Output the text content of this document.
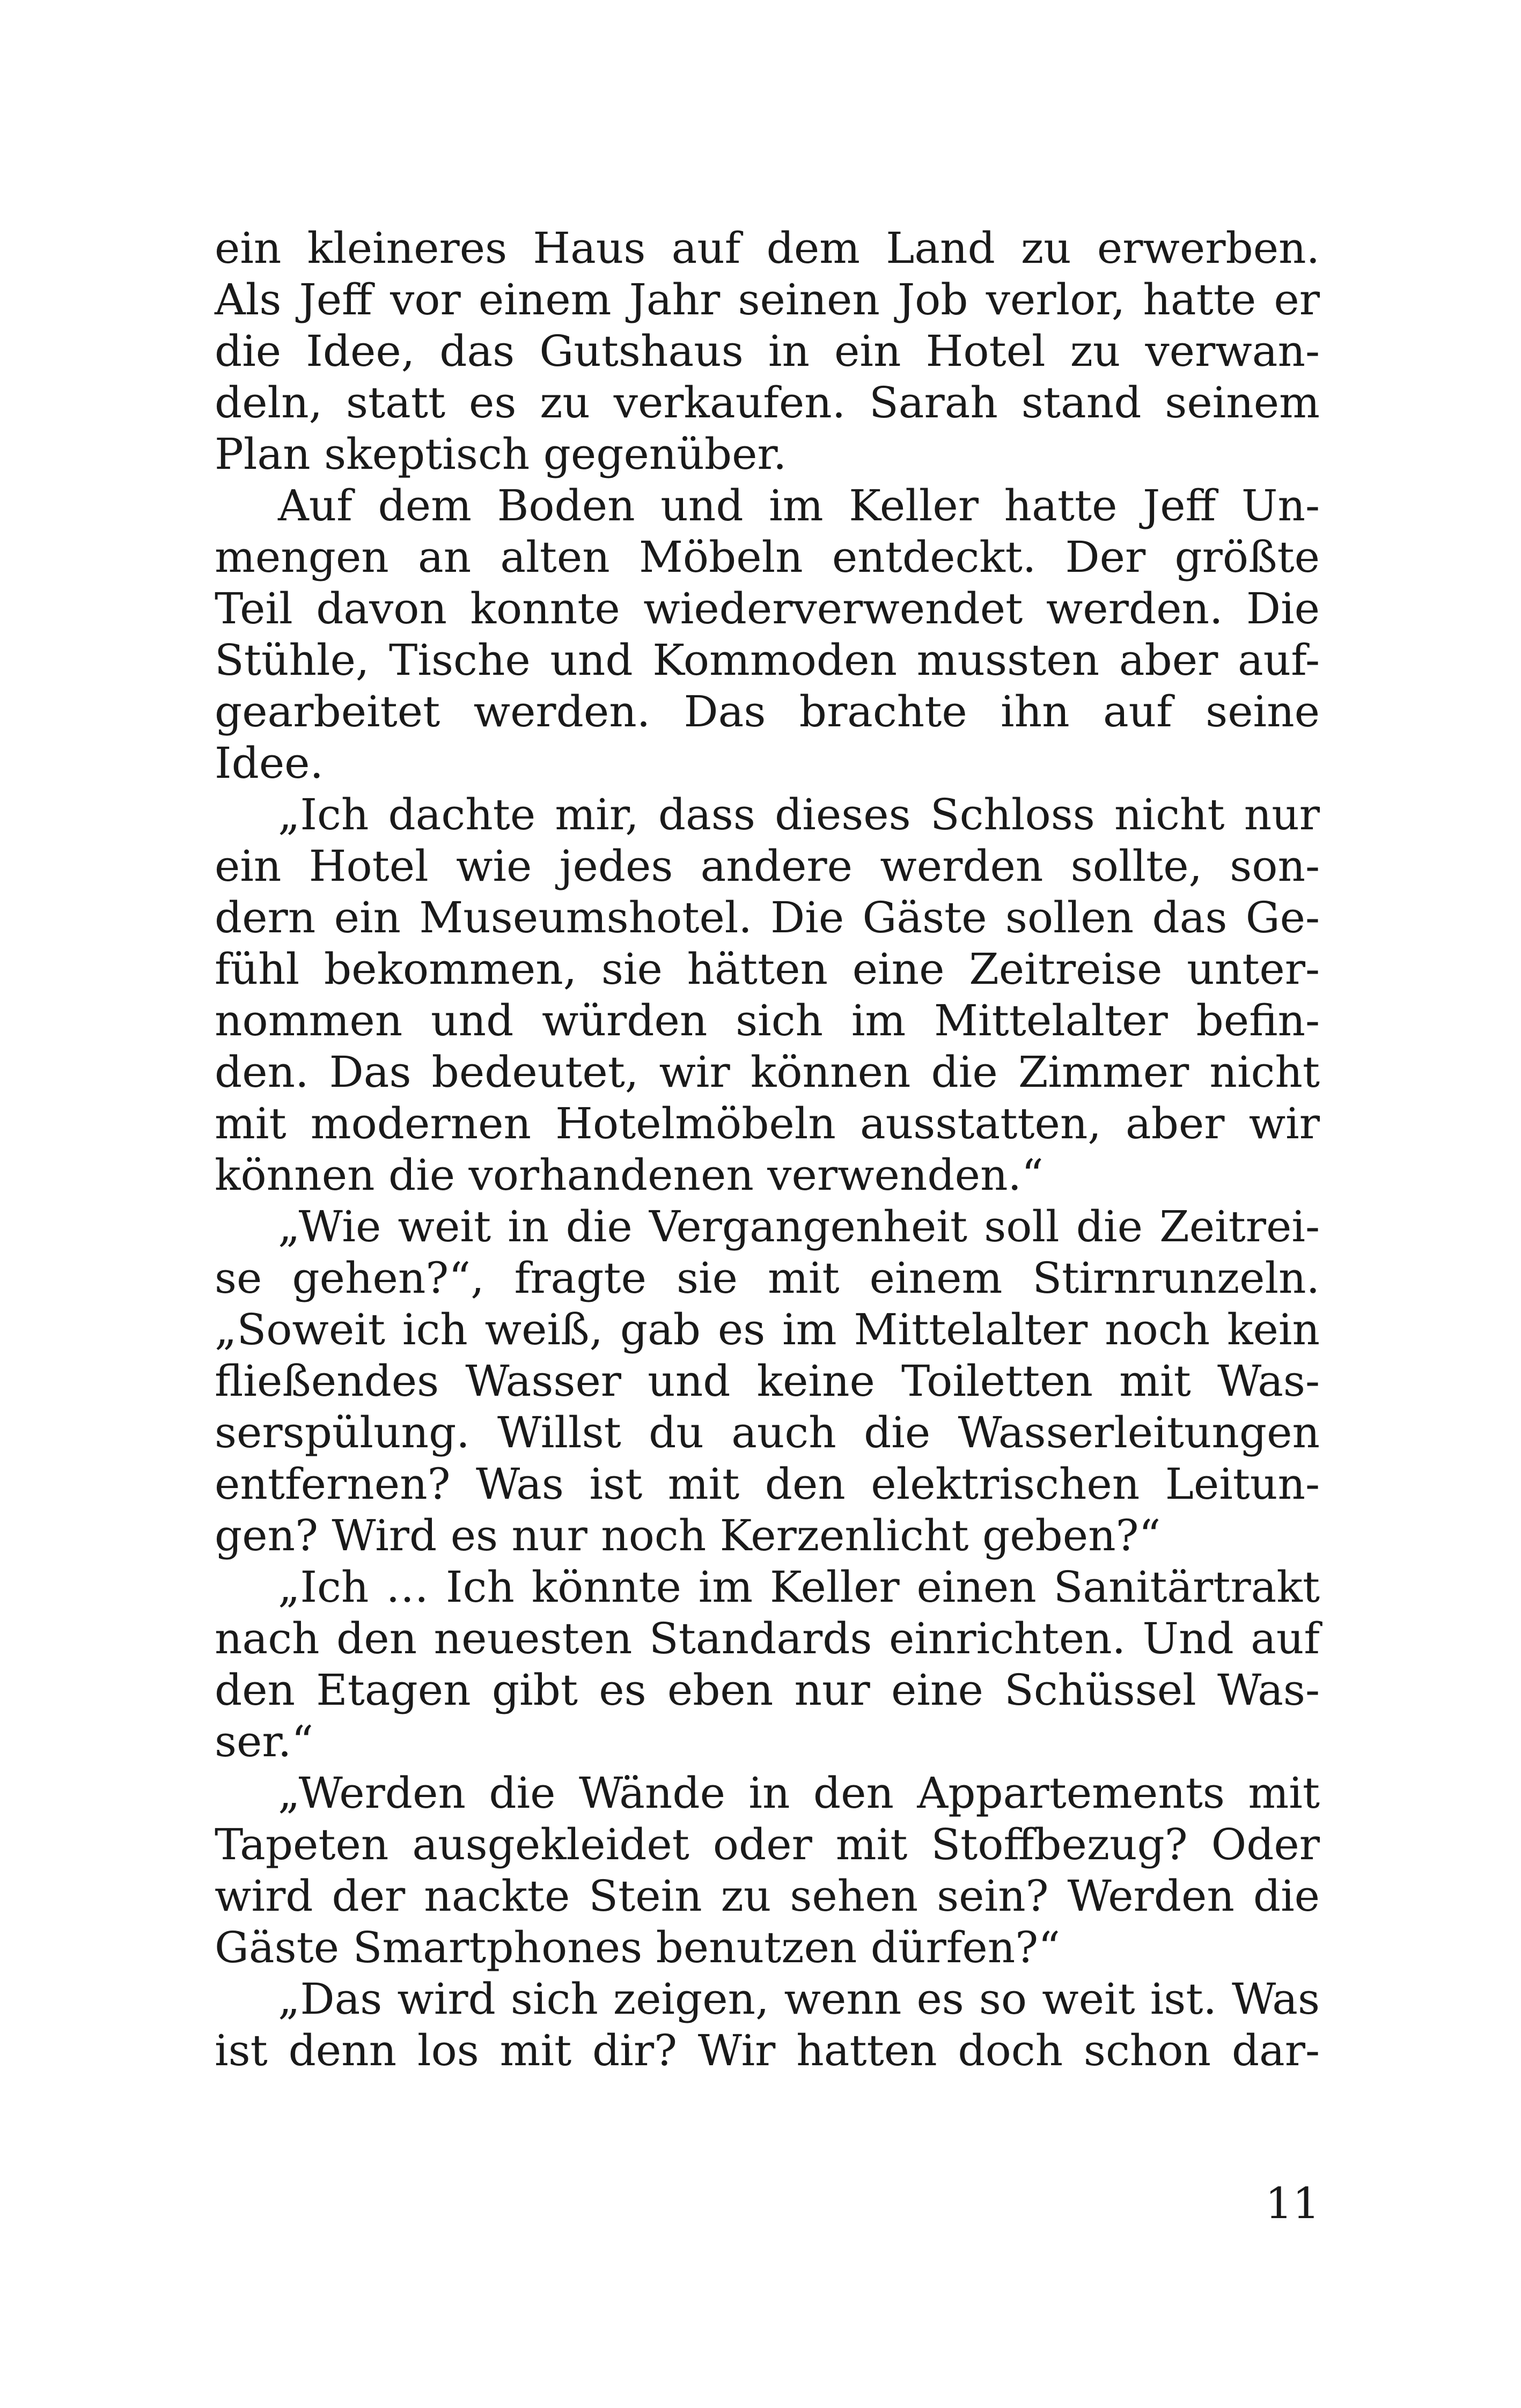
ein kleineres Haus auf dem Land zu erwerben.
Als Jeff vor einem Jahr seinen Job verlor, hatte er
die Idee, das Gutshaus in ein Hotel zu verwan-
deln, statt es zu verkaufen. Sarah stand seinem
Plan skeptisch gegenüber.
Auf dem Boden und im Keller hatte Jeff Un-
mengen an alten Möbeln entdeckt. Der größte
Teil davon konnte wiederverwendet werden. Die
Stühle, Tische und Kommoden mussten aber auf-
gearbeitet werden. Das brachte ihn auf seine
Idee.
„Ich dachte mir, dass dieses Schloss nicht nur
ein Hotel wie jedes andere werden sollte, son-
dern ein Museumshotel. Die Gäste sollen das Ge-
fühl bekommen, sie hätten eine Zeitreise unter-
nommen und würden sich im Mittelalter befin-
den. Das bedeutet, wir können die Zimmer nicht
mit modernen Hotelmöbeln ausstatten, aber wir
können die vorhandenen verwenden.“
„Wie weit in die Vergangenheit soll die Zeitrei-
se gehen?“, fragte sie mit einem Stirnrunzeln.
„Soweit ich weiß, gab es im Mittelalter noch kein
fließendes Wasser und keine Toiletten mit Was-
serspülung. Willst du auch die Wasserleitungen
entfernen? Was ist mit den elektrischen Leitun-
gen? Wird es nur noch Kerzenlicht geben?“
„Ich … Ich könnte im Keller einen Sanitärtrakt
nach den neuesten Standards einrichten. Und auf
den Etagen gibt es eben nur eine Schüssel Was-
ser.“
„Werden die Wände in den Appartements mit
Tapeten ausgekleidet oder mit Stoffbezug? Oder
wird der nackte Stein zu sehen sein? Werden die
Gäste Smartphones benutzen dürfen?“
„Das wird sich zeigen, wenn es so weit ist. Was
ist denn los mit dir? Wir hatten doch schon dar-
11
